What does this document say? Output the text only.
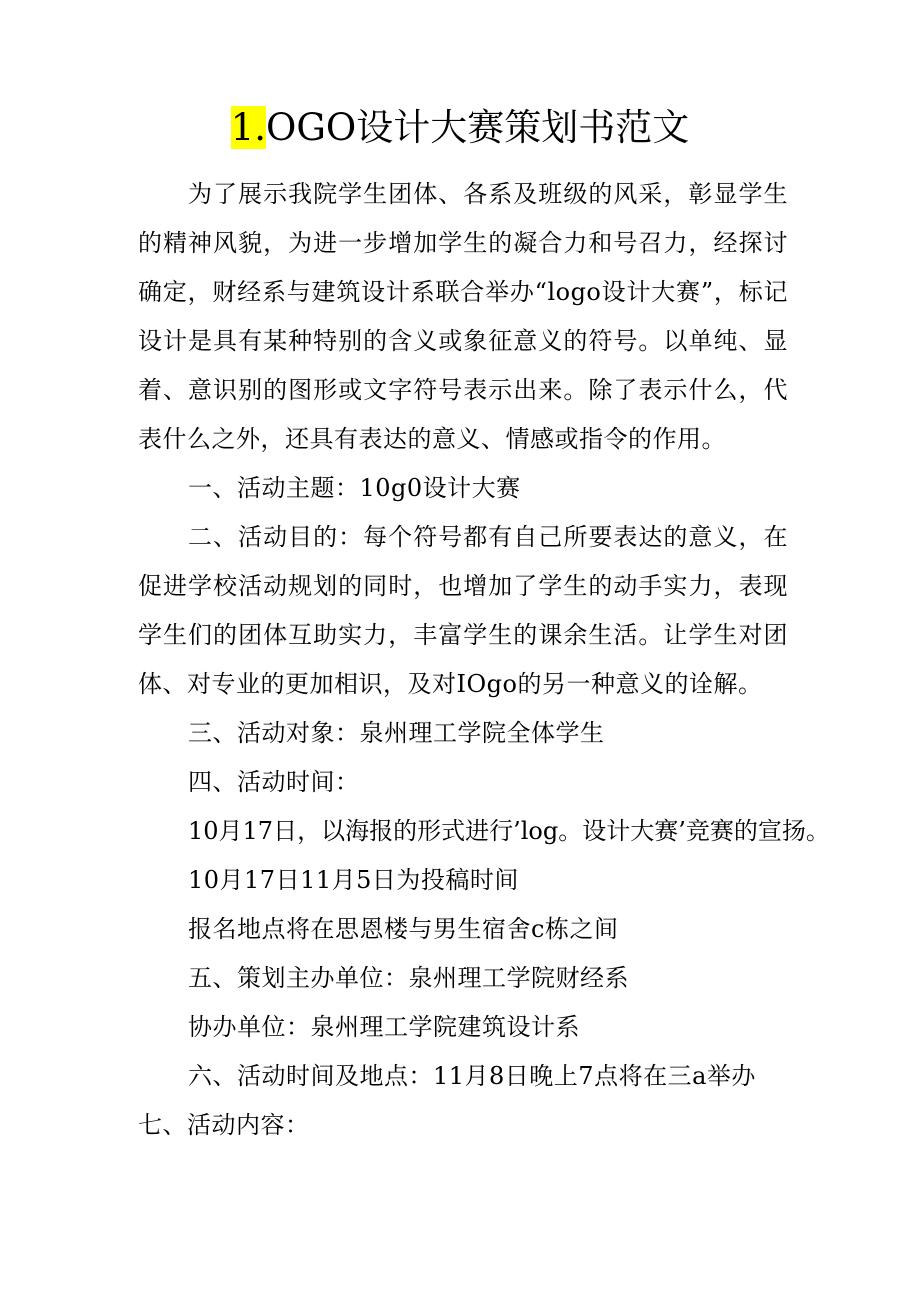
1.OGO设计大赛策划书范文

为了展示我院学生团体、各系及班级的风采，彰显学生的精神风貌，为进一步增加学生的凝合力和号召力，经探讨确定，财经系与建筑设计系联合举办“logo设计大赛”，标记设计是具有某种特别的含义或象征意义的符号。以单纯、显着、意识别的图形或文字符号表示出来。除了表示什么，代表什么之外，还具有表达的意义、情感或指令的作用。

一、活动主题：10g0设计大赛

二、活动目的：每个符号都有自己所要表达的意义，在促进学校活动规划的同时，也增加了学生的动手实力，表现学生们的团体互助实力，丰富学生的课余生活。让学生对团体、对专业的更加相识，及对IOgo的另一种意义的诠解。

三、活动对象：泉州理工学院全体学生

四、活动时间：

10月17日，以海报的形式进行’log。设计大赛’竞赛的宣扬。

10月17日11月5日为投稿时间

报名地点将在思恩楼与男生宿舍c栋之间

五、策划主办单位：泉州理工学院财经系

协办单位：泉州理工学院建筑设计系

六、活动时间及地点：11月8日晚上7点将在三a举办七、活动内容：
